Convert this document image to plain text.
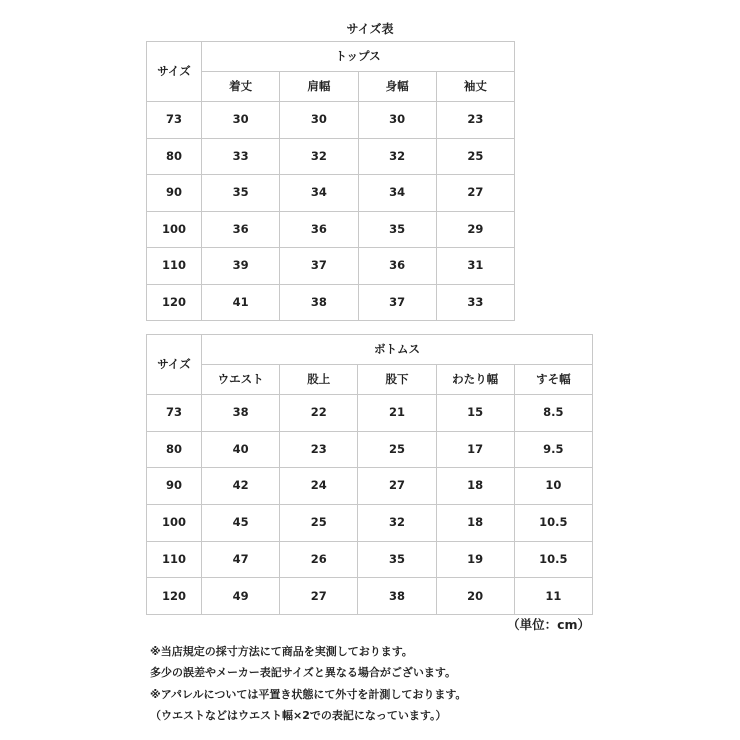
サイズ表
サイズ	トップス			
	着丈	肩幅	身幅	袖丈
73	30	30	30	23
80	33	32	32	25
90	35	34	34	27
100	36	36	35	29
110	39	37	36	31
120	41	38	37	33
サイズ	ボトムス				
	ウエスト	股上	股下	わたり幅	すそ幅
73	38	22	21	15	8.5
80	40	23	25	17	9.5
90	42	24	27	18	10
100	45	25	32	18	10.5
110	47	26	35	19	10.5
120	49	27	38	20	11
（単位：cm）
※当店規定の採寸方法にて商品を実測しております。
多少の誤差やメーカー表記サイズと異なる場合がございます。
※アパレルについては平置き状態にて外寸を計測しております。
（ウエストなどはウエスト幅×2での表記になっています。）
